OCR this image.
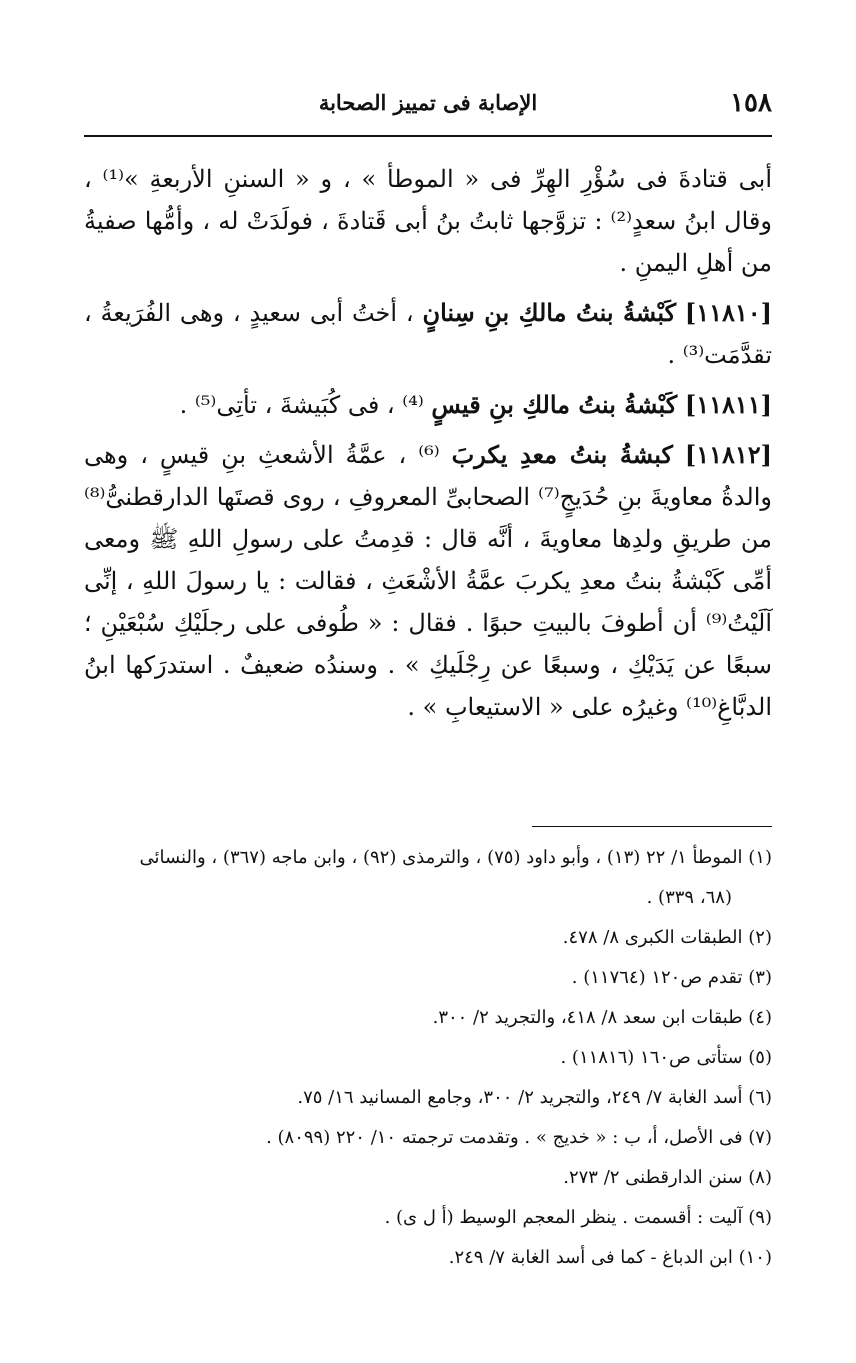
١٥٨
الإصابة فى تمييز الصحابة

أبى قتادةَ فى سُؤْرِ الهِرِّ فى « الموطأ » ، و « السننِ الأربعةِ »⁽¹⁾ ، وقال ابنُ سعدٍ⁽²⁾ : تزوَّجها ثابتُ بنُ أبى قَتادةَ ، فولَدَتْ له ، وأمُّها صفيةُ من أهلِ اليمنِ .

[١١٨١٠] كَبْشةُ بنتُ مالكِ بنِ سِنانٍ ، أختُ أبى سعيدٍ ، وهى الفُرَيعةُ ، تقدَّمَت⁽³⁾ .

[١١٨١١] كَبْشةُ بنتُ مالكِ بنِ قيسٍ ⁽⁴⁾ ، فى كُبَيشةَ ، تأتِى⁽⁵⁾ .

[١١٨١٢] كبشةُ بنتُ معدِ يكربَ ⁽⁶⁾ ، عمَّةُ الأشعثِ بنِ قيسٍ ، وهى والدةُ معاويةَ بنِ حُدَيجٍ⁽⁷⁾ الصحابىِّ المعروفِ ، روى قصتَها الدارقطنىُّ⁽⁸⁾ من طريقِ ولدِها معاويةَ ، أنَّه قال : قدِمتُ على رسولِ اللهِ ﷺ ومعى أمِّى كَبْشةُ بنتُ معدِ يكربَ عمَّةُ الأشْعَثِ ، فقالت : يا رسولَ اللهِ ، إنِّى آلَيْتُ⁽⁹⁾ أن أطوفَ بالبيتِ حبوًا . فقال : « طُوفى على رجلَيْكِ سُبْعَيْنِ ؛ سبعًا عن يَدَيْكِ ، وسبعًا عن رِجْلَيكِ » . وسندُه ضعيفٌ . استدرَكها ابنُ الدبَّاغِ⁽¹⁰⁾ وغيرُه على « الاستيعابِ » .

(١) الموطأ ١/ ٢٢ (١٣) ، وأبو داود (٧٥) ، والترمذى (٩٢) ، وابن ماجه (٣٦٧) ، والنسائى

(٦٨، ٣٣٩) .

(٢) الطبقات الكبرى ٨/ ٤٧٨.

(٣) تقدم ص١٢٠ (١١٧٦٤) .

(٤) طبقات ابن سعد ٨/ ٤١٨، والتجريد ٢/ ٣٠٠.

(٥) ستأتى ص١٦٠ (١١٨١٦) .

(٦) أسد الغابة ٧/ ٢٤٩، والتجريد ٢/ ٣٠٠، وجامع المسانيد ١٦/ ٧٥.

(٧) فى الأصل، أ، ب : « خديج » . وتقدمت ترجمته ١٠/ ٢٢٠ (٨٠٩٩) .

(٨) سنن الدارقطنى ٢/ ٢٧٣.

(٩) آليت : أقسمت . ينظر المعجم الوسيط (أ ل ى) .

(١٠) ابن الدباغ - كما فى أسد الغابة ٧/ ٢٤٩.
